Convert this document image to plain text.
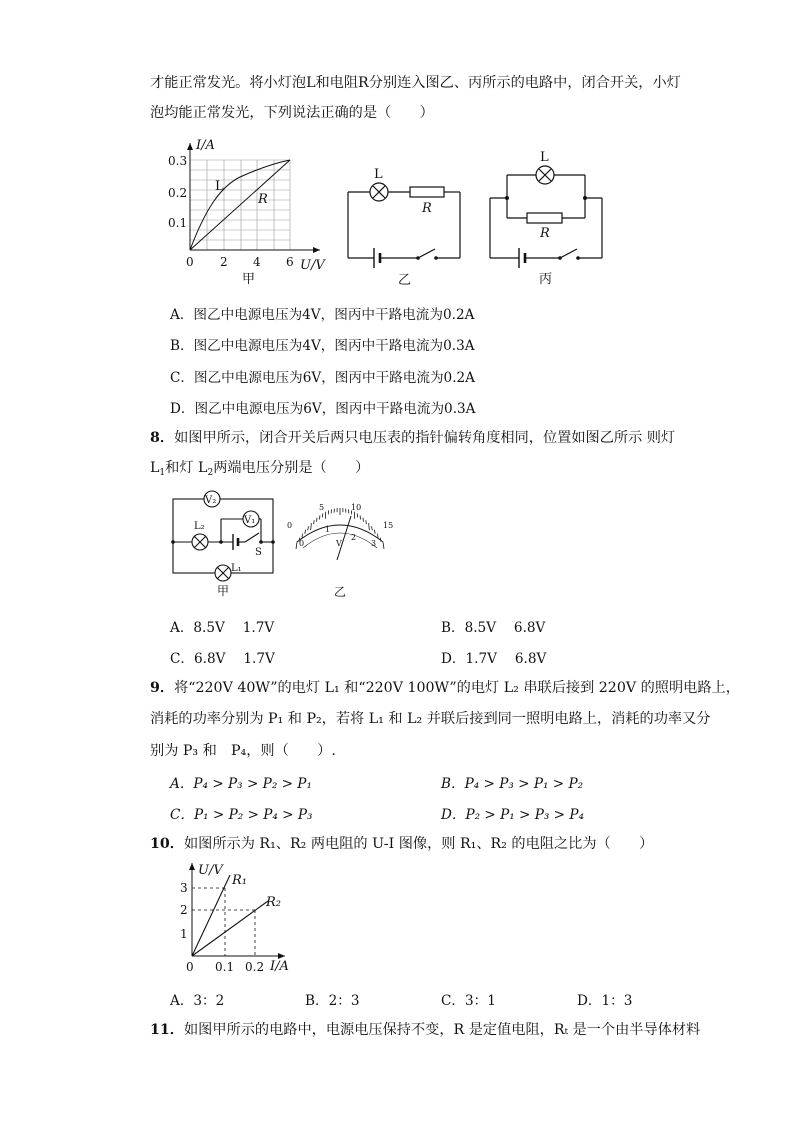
才能正常发光。将小灯泡L和电阻R分别连入图乙、丙所示的电路中，闭合开关，小灯
泡均能正常发光，下列说法正确的是（　　）
I/A
U/V
0.1
0.2
0.3
0 2 4 6
L
R
甲
L
R
乙
L
R
丙
A．图乙中电源电压为4V，图丙中干路电流为0.2A
B．图乙中电源电压为4V，图丙中干路电流为0.3A
C．图乙中电源电压为6V，图丙中干路电流为0.2A
D．图乙中电源电压为6V，图丙中干路电流为0.3A
8．如图甲所示，闭合开关后两只电压表的指针偏转角度相同，位置如图乙所示 则灯
$L_1$和灯 $L_2$两端电压分别是（　　）
V₂
V₁
L₂
S
L₁
甲
0
5	10
15
0
1
2
3
V
乙
A．8.5V　 1.7V	B．8.5V　 6.8V
C．6.8V　 1.7V	D．1.7V　 6.8V
9．将“220V 40W”的电灯 L₁ 和“220V 100W”的电灯 L₂ 串联后接到 220V 的照明电路上，
消耗的功率分别为 P₁ 和 P₂，若将 L₁ 和 L₂ 并联后接到同一照明电路上，消耗的功率又分
别为 P₃ 和　P₄，则（　　）.
A．P₄ > P₃ > P₂ > P₁	B．P₄ > P₃ > P₁ > P₂
C．P₁ > P₂ > P₄ > P₃	D．P₂ > P₁ > P₃ > P₄
10．如图所示为 R₁、R₂ 两电阻的 U-I 图像，则 R₁、R₂ 的电阻之比为（　　）
U/V
I/A
R₁
R₂
1
2
3
0 0.1 0.2
A．3：2	B．2：3	C．3：1	D．1：3
11．如图甲所示的电路中，电源电压保持不变，R 是定值电阻，Rₜ 是一个由半导体材料
